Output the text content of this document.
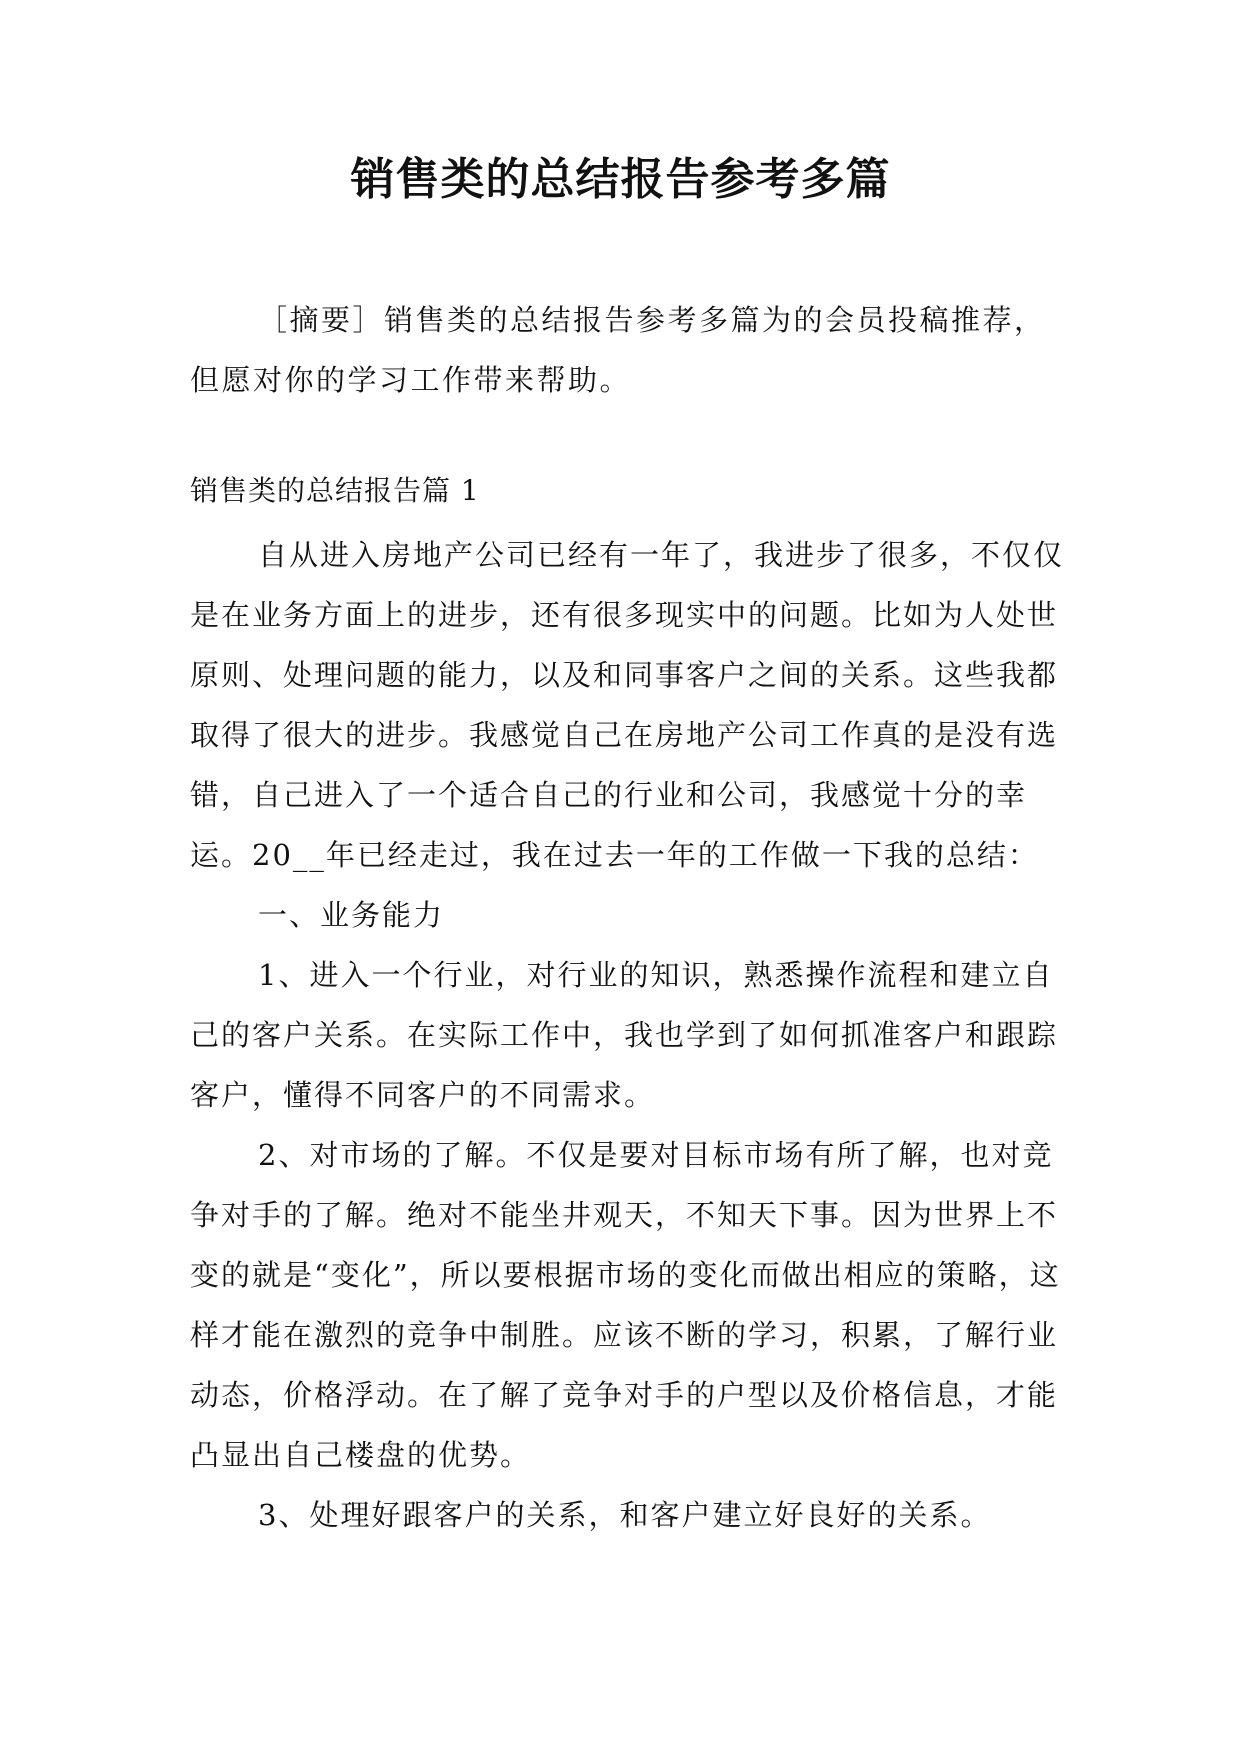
销售类的总结报告参考多篇

［摘要］销售类的总结报告参考多篇为的会员投稿推荐，但愿对你的学习工作带来帮助。

销售类的总结报告篇 1

自从进入房地产公司已经有一年了，我进步了很多，不仅仅是在业务方面上的进步，还有很多现实中的问题。比如为人处世原则、处理问题的能力，以及和同事客户之间的关系。这些我都取得了很大的进步。我感觉自己在房地产公司工作真的是没有选错，自己进入了一个适合自己的行业和公司，我感觉十分的幸运。20__年已经走过，我在过去一年的工作做一下我的总结：

一、业务能力

1、进入一个行业，对行业的知识，熟悉操作流程和建立自己的客户关系。在实际工作中，我也学到了如何抓准客户和跟踪客户，懂得不同客户的不同需求。

2、对市场的了解。不仅是要对目标市场有所了解，也对竞争对手的了解。绝对不能坐井观天，不知天下事。因为世界上不变的就是“变化”，所以要根据市场的变化而做出相应的策略，这样才能在激烈的竞争中制胜。应该不断的学习，积累，了解行业动态，价格浮动。在了解了竞争对手的户型以及价格信息，才能凸显出自己楼盘的优势。

3、处理好跟客户的关系，和客户建立好良好的关系。
